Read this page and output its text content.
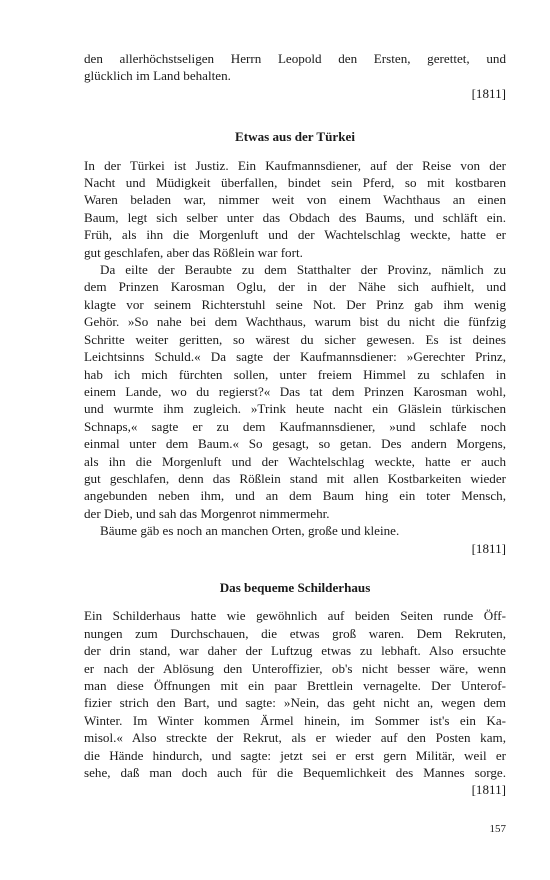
den allerhöchstseligen Herrn Leopold den Ersten, gerettet, und
glücklich im Land behalten.
[1811]
Etwas aus der Türkei
In der Türkei ist Justiz. Ein Kaufmannsdiener, auf der Reise von der
Nacht und Müdigkeit überfallen, bindet sein Pferd, so mit kostbaren
Waren beladen war, nimmer weit von einem Wachthaus an einen
Baum, legt sich selber unter das Obdach des Baums, und schläft ein.
Früh, als ihn die Morgenluft und der Wachtelschlag weckte, hatte er
gut geschlafen, aber das Rößlein war fort.
Da eilte der Beraubte zu dem Statthalter der Provinz, nämlich zu
dem Prinzen Karosman Oglu, der in der Nähe sich aufhielt, und
klagte vor seinem Richterstuhl seine Not. Der Prinz gab ihm wenig
Gehör. »So nahe bei dem Wachthaus, warum bist du nicht die fünfzig
Schritte weiter geritten, so wärest du sicher gewesen. Es ist deines
Leichtsinns Schuld.« Da sagte der Kaufmannsdiener: »Gerechter Prinz,
hab ich mich fürchten sollen, unter freiem Himmel zu schlafen in
einem Lande, wo du regierst?« Das tat dem Prinzen Karosman wohl,
und wurmte ihm zugleich. »Trink heute nacht ein Gläslein türkischen
Schnaps,« sagte er zu dem Kaufmannsdiener, »und schlafe noch
einmal unter dem Baum.« So gesagt, so getan. Des andern Morgens,
als ihn die Morgenluft und der Wachtelschlag weckte, hatte er auch
gut geschlafen, denn das Rößlein stand mit allen Kostbarkeiten wieder
angebunden neben ihm, und an dem Baum hing ein toter Mensch,
der Dieb, und sah das Morgenrot nimmermehr.
Bäume gäb es noch an manchen Orten, große und kleine.
[1811]
Das bequeme Schilderhaus
Ein Schilderhaus hatte wie gewöhnlich auf beiden Seiten runde Öff-
nungen zum Durchschauen, die etwas groß waren. Dem Rekruten,
der drin stand, war daher der Luftzug etwas zu lebhaft. Also ersuchte
er nach der Ablösung den Unteroffizier, ob's nicht besser wäre, wenn
man diese Öffnungen mit ein paar Brettlein vernagelte. Der Unterof-
fizier strich den Bart, und sagte: »Nein, das geht nicht an, wegen dem
Winter. Im Winter kommen Ärmel hinein, im Sommer ist's ein Ka-
misol.« Also streckte der Rekrut, als er wieder auf den Posten kam,
die Hände hindurch, und sagte: jetzt sei er erst gern Militär, weil er
sehe, daß man doch auch für die Bequemlichkeit des Mannes sorge.
[1811]
157
